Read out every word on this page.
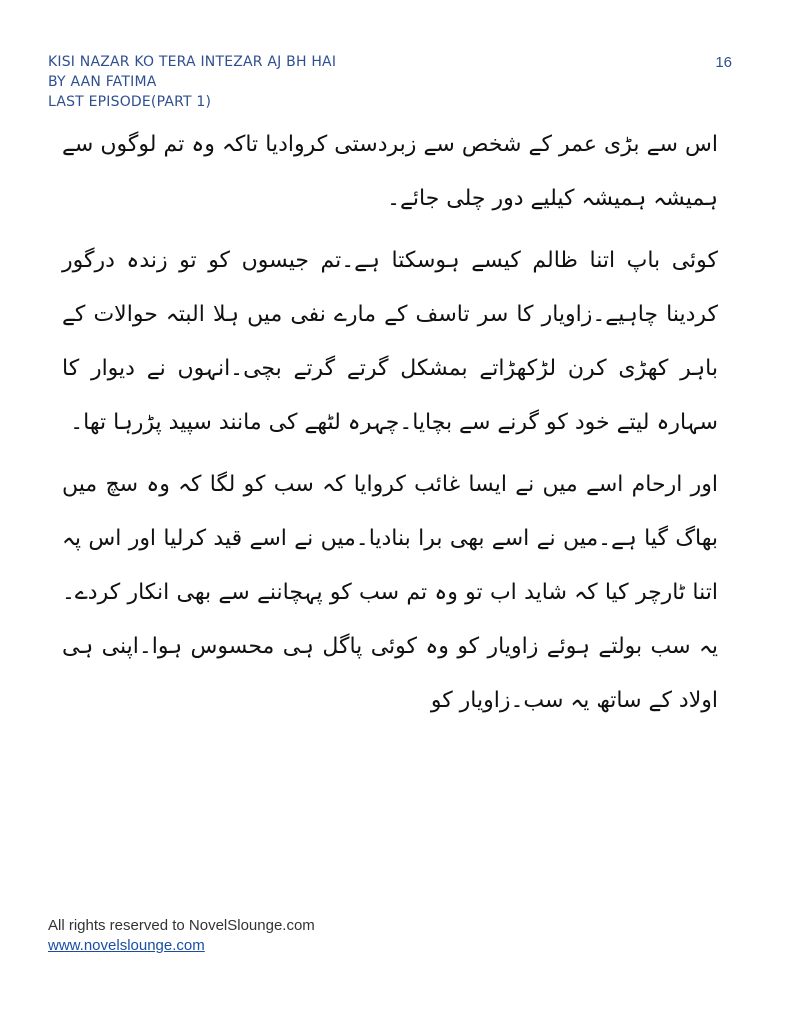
KISI NAZAR KO TERA INTEZAR AJ BH HAI
BY AAN FATIMA
LAST EPISODE(PART 1)
16

اس سے بڑی عمر کے شخص سے زبردستی کروادیا تاکہ وہ تم لوگوں سے ہمیشہ ہمیشہ کیلیے دور چلی جائے۔

کوئی باپ اتنا ظالم کیسے ہوسکتا ہے۔تم جیسوں کو تو زندہ درگور کردینا چاہیے۔زاویار کا سر تاسف کے مارے نفی میں ہلا البتہ حوالات کے باہر کھڑی کرن لڑکھڑاتے بمشکل گرتے گرتے بچی۔انہوں نے دیوار کا سہارہ لیتے خود کو گرنے سے بچایا۔چہرہ لٹھے کی مانند سپید پڑرہا تھا۔

اور ارحام اسے میں نے ایسا غائب کروایا کہ سب کو لگا کہ وہ سچ میں بھاگ گیا ہے۔میں نے اسے بھی برا بنادیا۔میں نے اسے قید کرلیا اور اس پہ اتنا ٹارچر کیا کہ شاید اب تو وہ تم سب کو پہچاننے سے بھی انکار کردے۔یہ سب بولتے ہوئے زاویار کو وہ کوئی پاگل ہی محسوس ہوا۔اپنی ہی اولاد کے ساتھ یہ سب۔زاویار کو

All rights reserved to NovelSlounge.com
www.novelslounge.com
